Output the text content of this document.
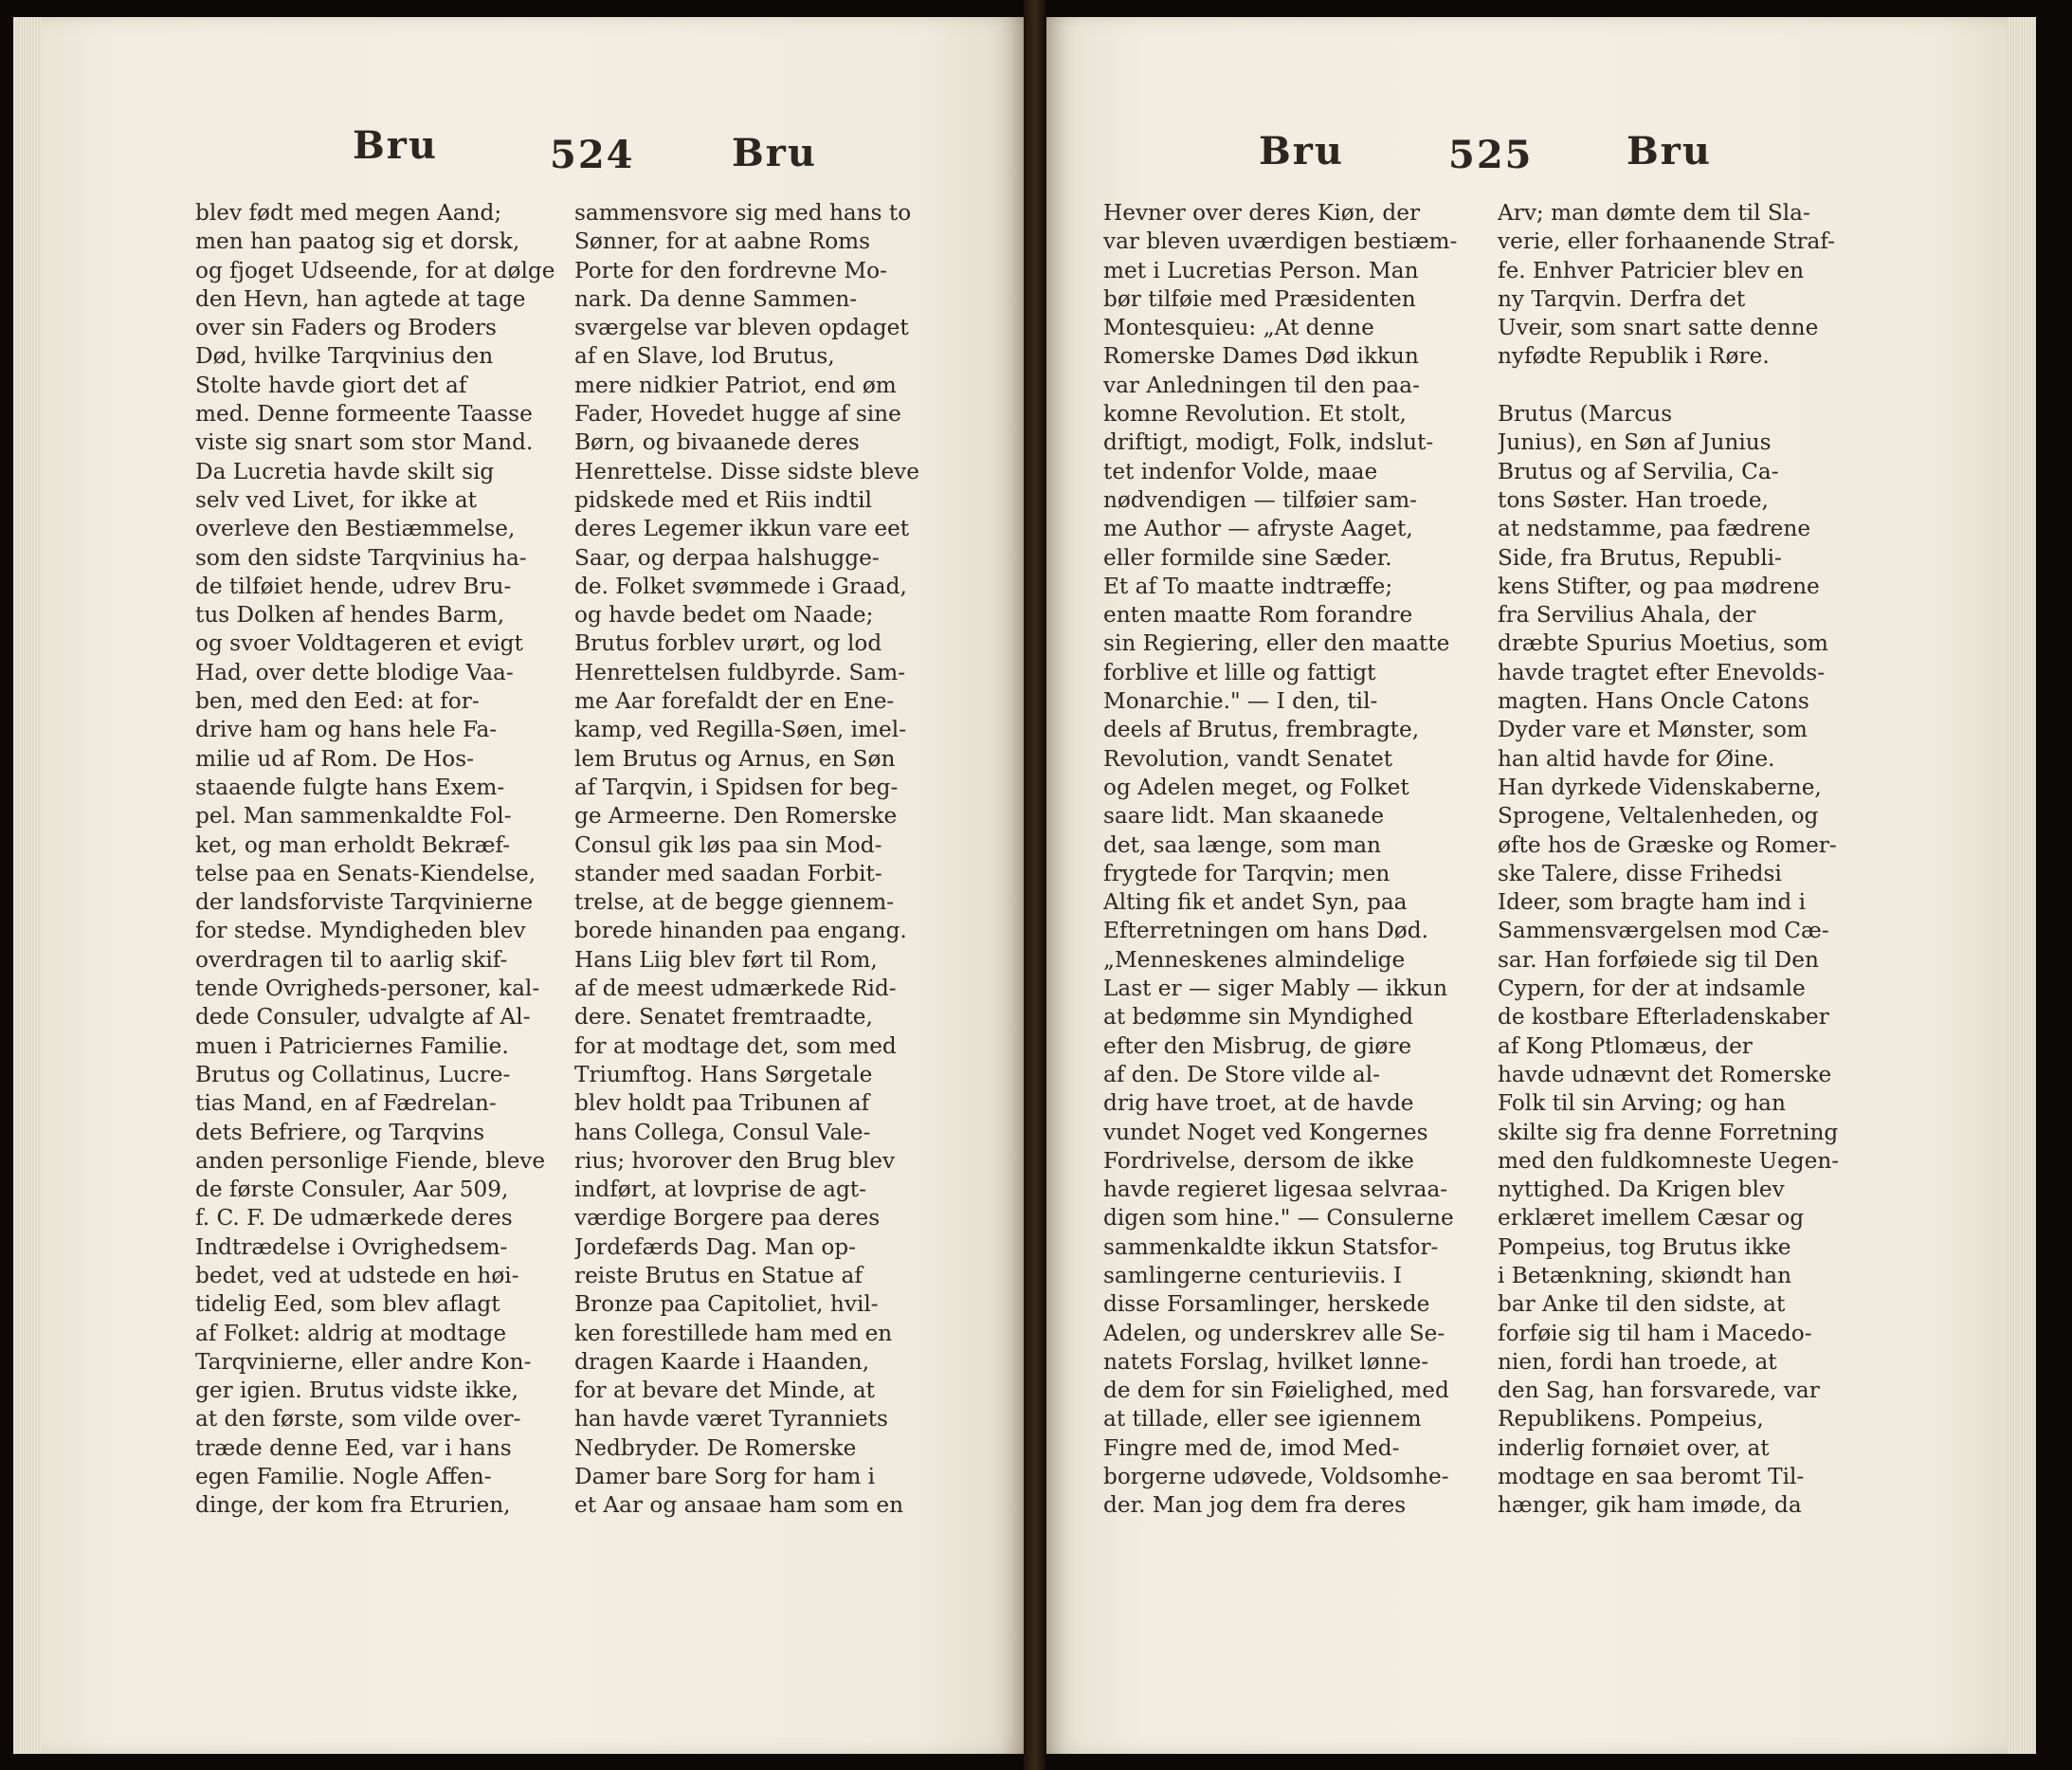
Bru	524	Bru	Bru	525 Bru
blev født med megen Aand;
men han paatog sig et dorsk,
og fjoget Udseende, for at dølge
den Hevn, han agtede at tage
over sin Faders og Broders
Død, hvilke Tarqvinius den
Stolte havde giort det af
med. Denne formeente Taasse
viste sig snart som stor Mand.
Da Lucretia havde skilt sig
selv ved Livet, for ikke at
overleve den Bestiæmmelse,
som den sidste Tarqvinius ha-
de tilføiet hende, udrev Bru-
tus Dolken af hendes Barm,
og svoer Voldtageren et evigt
Had, over dette blodige Vaa-
ben, med den Eed: at for-
drive ham og hans hele Fa-
milie ud af Rom. De Hos-
staaende fulgte hans Exem-
pel. Man sammenkaldte Fol-
ket, og man erholdt Bekræf-
telse paa en Senats-Kiendelse,
der landsforviste Tarqvinierne
for stedse. Myndigheden blev
overdragen til to aarlig skif-
tende Ovrigheds-personer, kal-
dede Consuler, udvalgte af Al-
muen i Patriciernes Familie.
Brutus og Collatinus, Lucre-
tias Mand, en af Fædrelan-
dets Befriere, og Tarqvins
anden personlige Fiende, bleve
de første Consuler, Aar 509,
f. C. F. De udmærkede deres
Indtrædelse i Ovrighedsem-
bedet, ved at udstede en høi-
tidelig Eed, som blev aflagt
af Folket: aldrig at modtage
Tarqvinierne, eller andre Kon-
ger igien. Brutus vidste ikke,
at den første, som vilde over-
træde denne Eed, var i hans
egen Familie. Nogle Affen-
dinge, der kom fra Etrurien,
sammensvore sig med hans to
Sønner, for at aabne Roms
Porte for den fordrevne Mo-
nark. Da denne Sammen-
sværgelse var bleven opdaget
af en Slave, lod Brutus,
mere nidkier Patriot, end øm
Fader, Hovedet hugge af sine
Børn, og bivaanede deres
Henrettelse. Disse sidste bleve
pidskede med et Riis indtil
deres Legemer ikkun vare eet
Saar, og derpaa halshugge-
de. Folket svømmede i Graad,
og havde bedet om Naade;
Brutus forblev urørt, og lod
Henrettelsen fuldbyrde. Sam-
me Aar forefaldt der en Ene-
kamp, ved Regilla-Søen, imel-
lem Brutus og Arnus, en Søn
af Tarqvin, i Spidsen for beg-
ge Armeerne. Den Romerske
Consul gik løs paa sin Mod-
stander med saadan Forbit-
trelse, at de begge giennem-
borede hinanden paa engang.
Hans Liig blev ført til Rom,
af de meest udmærkede Rid-
dere. Senatet fremtraadte,
for at modtage det, som med
Triumftog. Hans Sørgetale
blev holdt paa Tribunen af
hans Collega, Consul Vale-
rius; hvorover den Brug blev
indført, at lovprise de agt-
værdige Borgere paa deres
Jordefærds Dag. Man op-
reiste Brutus en Statue af
Bronze paa Capitoliet, hvil-
ken forestillede ham med en
dragen Kaarde i Haanden,
for at bevare det Minde, at
han havde været Tyranniets
Nedbryder. De Romerske
Damer bare Sorg for ham i
et Aar og ansaae ham som en
Hevner over deres Kiøn, der
var bleven uværdigen bestiæm-
met i Lucretias Person. Man
bør tilføie med Præsidenten
Montesquieu: „At denne
Romerske Dames Død ikkun
var Anledningen til den paa-
komne Revolution. Et stolt,
driftigt, modigt, Folk, indslut-
tet indenfor Volde, maae
nødvendigen — tilføier sam-
me Author — afryste Aaget,
eller formilde sine Sæder.
Et af To maatte indtræffe;
enten maatte Rom forandre
sin Regiering, eller den maatte
forblive et lille og fattigt
Monarchie." — I den, til-
deels af Brutus, frembragte,
Revolution, vandt Senatet
og Adelen meget, og Folket
saare lidt. Man skaanede
det, saa længe, som man
frygtede for Tarqvin; men
Alting fik et andet Syn, paa
Efterretningen om hans Død.
„Menneskenes almindelige
Last er — siger Mably — ikkun
at bedømme sin Myndighed
efter den Misbrug, de giøre
af den. De Store vilde al-
drig have troet, at de havde
vundet Noget ved Kongernes
Fordrivelse, dersom de ikke
havde regieret ligesaa selvraa-
digen som hine." — Consulerne
sammenkaldte ikkun Statsfor-
samlingerne centurieviis. I
disse Forsamlinger, herskede
Adelen, og underskrev alle Se-
natets Forslag, hvilket lønne-
de dem for sin Føielighed, med
at tillade, eller see igiennem
Fingre med de, imod Med-
borgerne udøvede, Voldsomhe-
der. Man jog dem fra deres
Arv; man dømte dem til Sla-
verie, eller forhaanende Straf-
fe. Enhver Patricier blev en
ny Tarqvin. Derfra det
Uveir, som snart satte denne
nyfødte Republik i Røre.
Brutus (Marcus
Junius), en Søn af Junius
Brutus og af Servilia, Ca-
tons Søster. Han troede,
at nedstamme, paa fædrene
Side, fra Brutus, Republi-
kens Stifter, og paa mødrene
fra Servilius Ahala, der
dræbte Spurius Moetius, som
havde tragtet efter Enevolds-
magten. Hans Oncle Catons
Dyder vare et Mønster, som
han altid havde for Øine.
Han dyrkede Videnskaberne,
Sprogene, Veltalenheden, og
øfte hos de Græske og Romer-
ske Talere, disse Frihedsi
Ideer, som bragte ham ind i
Sammensværgelsen mod Cæ-
sar. Han forføiede sig til Den
Cypern, for der at indsamle
de kostbare Efterladenskaber
af Kong Ptlomæus, der
havde udnævnt det Romerske
Folk til sin Arving; og han
skilte sig fra denne Forretning
med den fuldkomneste Uegen-
nyttighed. Da Krigen blev
erklæret imellem Cæsar og
Pompeius, tog Brutus ikke
i Betænkning, skiøndt han
bar Anke til den sidste, at
forføie sig til ham i Macedo-
nien, fordi han troede, at
den Sag, han forsvarede, var
Republikens. Pompeius,
inderlig fornøiet over, at
modtage en saa beromt Til-
hænger, gik ham imøde, da
